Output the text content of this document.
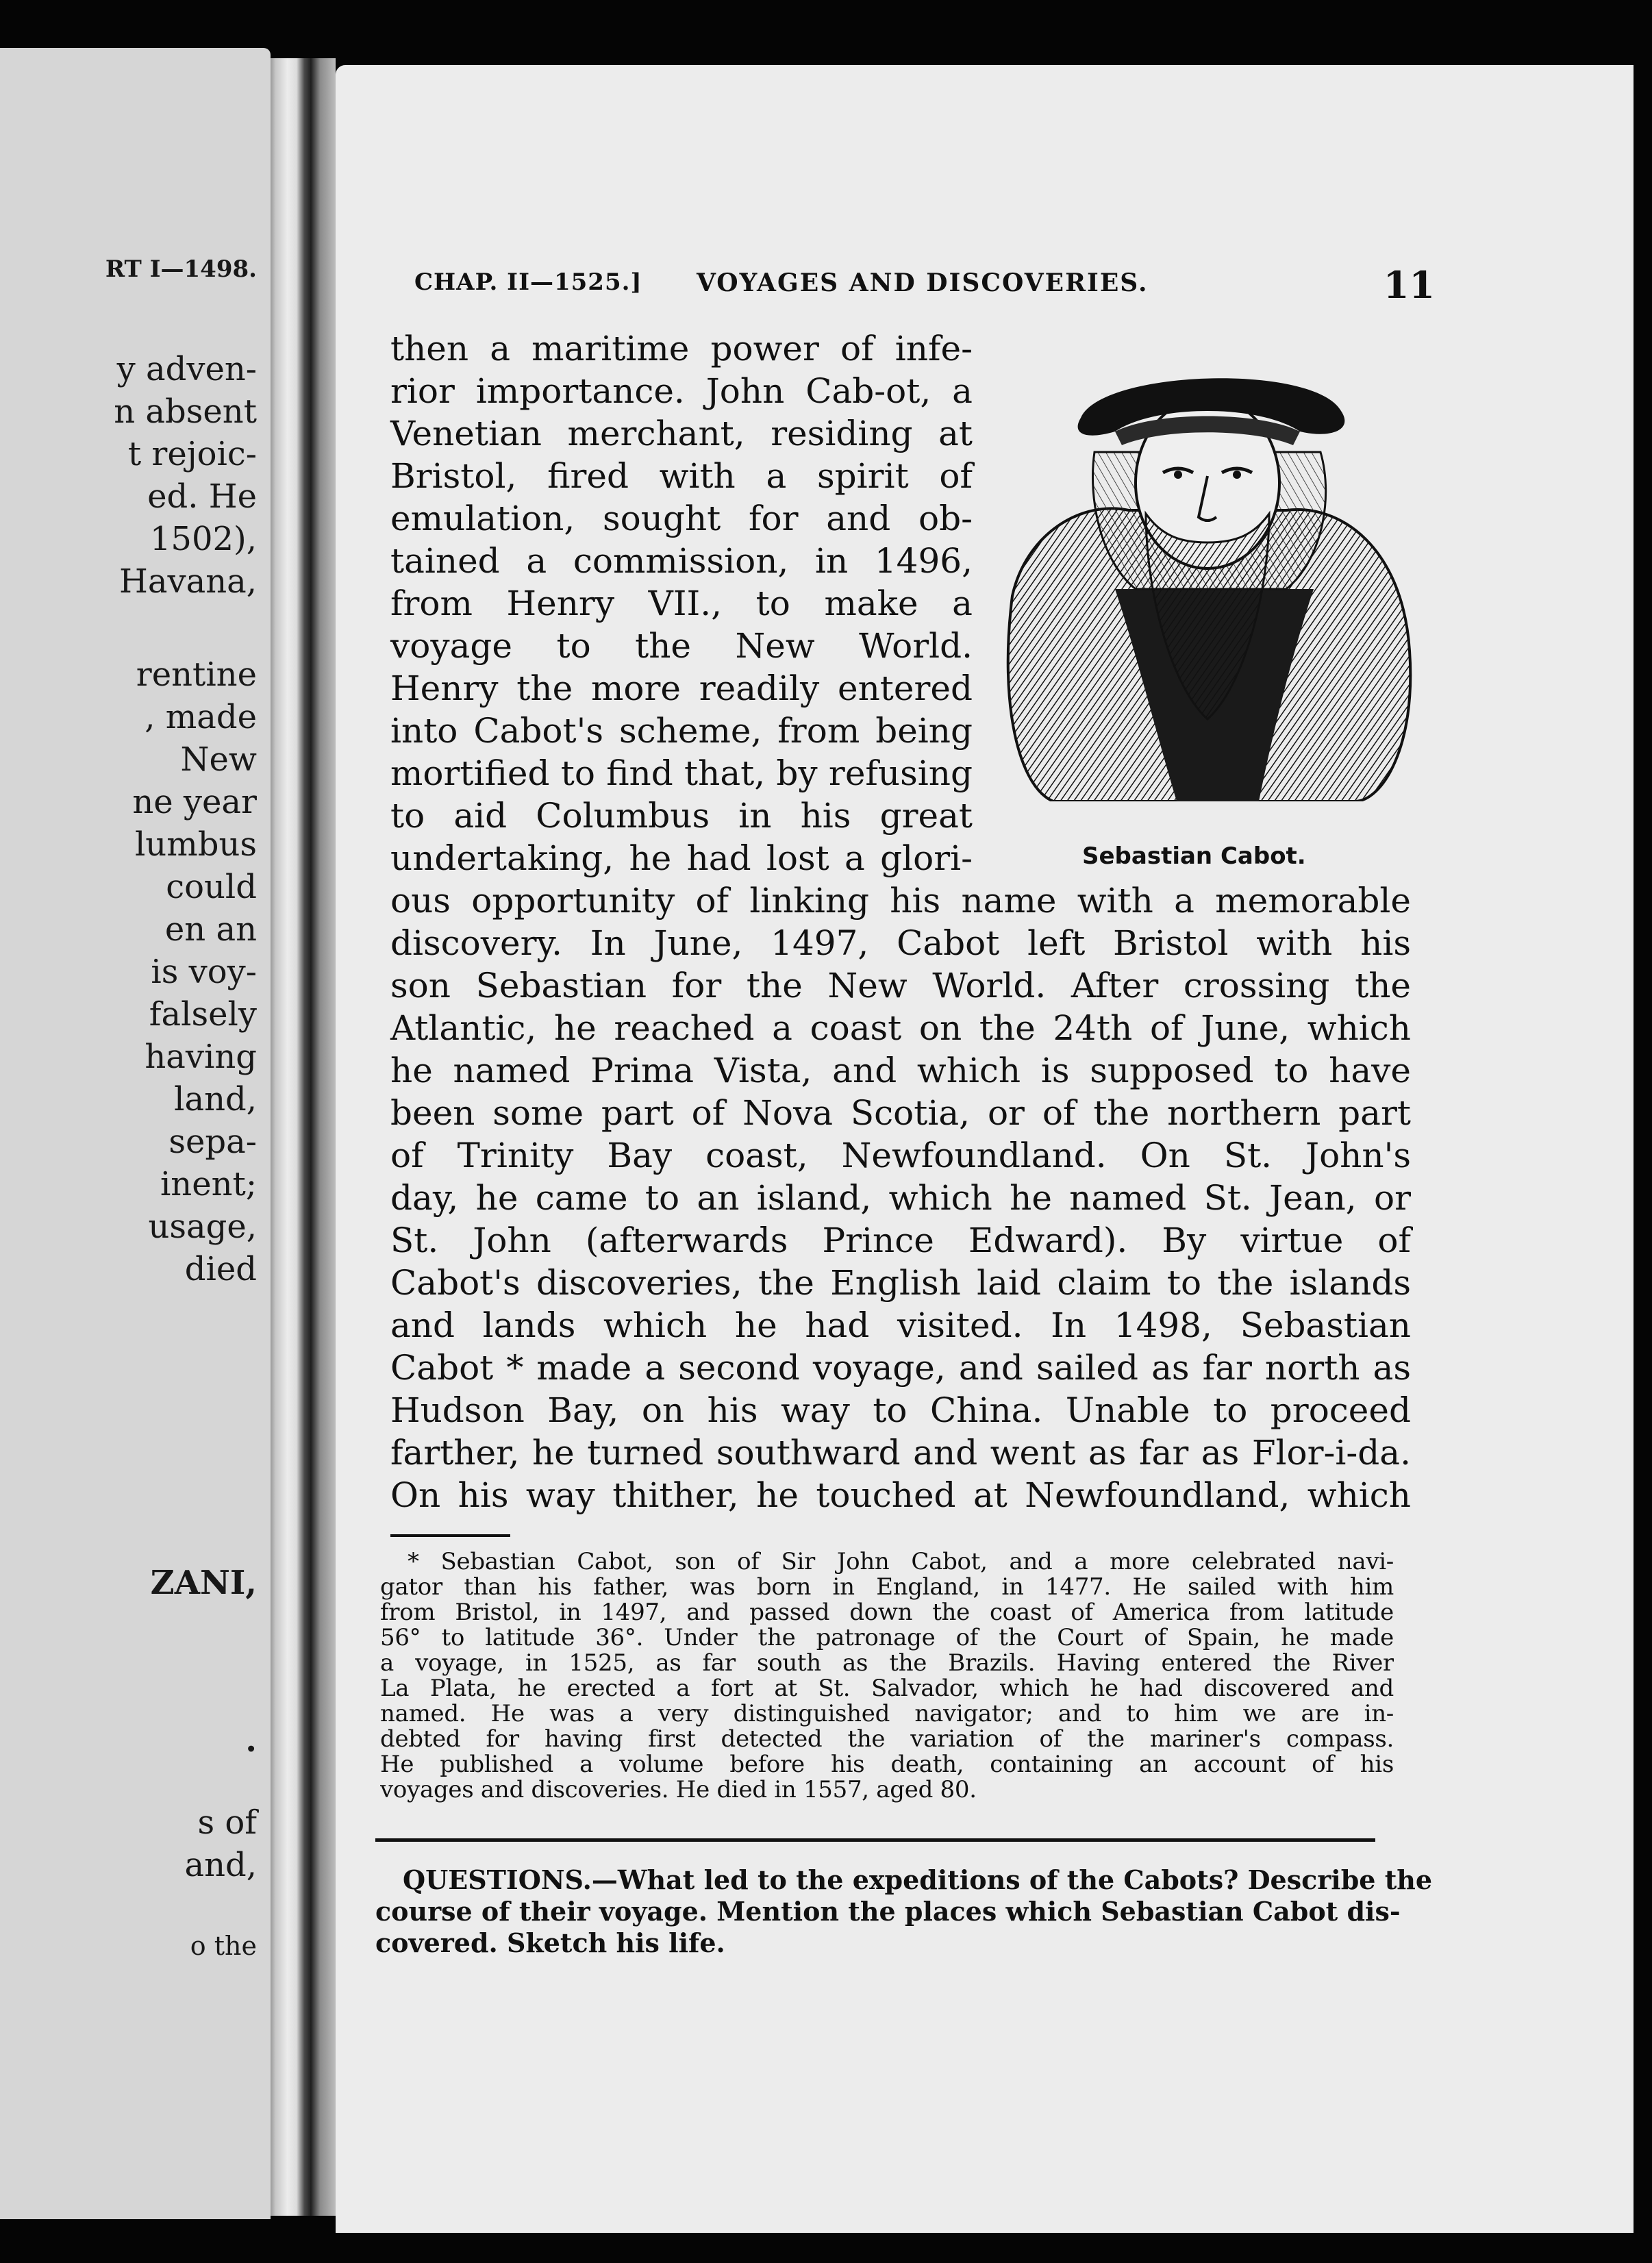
RT I—1498.
y adven-
n absent
t rejoic-
ed. He
1502),
Havana,
rentine
, made
New
ne year
lumbus
could
en an
is voy-
falsely
having
land,
sepa-
inent;
usage,
died
ZANI,
.
s of
and,
o the
CHAP. II—1525.] VOYAGES AND DISCOVERIES.	11
then a maritime power of infe-
rior importance. John Cab-ot, a
Venetian merchant, residing at
Bristol, fired with a spirit of
emulation, sought for and ob-
tained a commission, in 1496,
from Henry VII., to make a
voyage to the New World.
Henry the more readily entered
into Cabot's scheme, from being
mortified to find that, by refusing
to aid Columbus in his great
undertaking, he had lost a glori-
ous opportunity of linking his name with a memorable
discovery. In June, 1497, Cabot left Bristol with his
son Sebastian for the New World. After crossing the
Atlantic, he reached a coast on the 24th of June, which
he named Prima Vista, and which is supposed to have
been some part of Nova Scotia, or of the northern part
of Trinity Bay coast, Newfoundland. On St. John's
day, he came to an island, which he named St. Jean, or
St. John (afterwards Prince Edward). By virtue of
Cabot's discoveries, the English laid claim to the islands
and lands which he had visited. In 1498, Sebastian
Cabot * made a second voyage, and sailed as far north as
Hudson Bay, on his way to China. Unable to proceed
farther, he turned southward and went as far as Flor-i-da.
On his way thither, he touched at Newfoundland, which
Sebastian Cabot.
* Sebastian Cabot, son of Sir John Cabot, and a more celebrated navi-
gator than his father, was born in England, in 1477. He sailed with him
from Bristol, in 1497, and passed down the coast of America from latitude
56° to latitude 36°. Under the patronage of the Court of Spain, he made
a voyage, in 1525, as far south as the Brazils. Having entered the River
La Plata, he erected a fort at St. Salvador, which he had discovered and
named. He was a very distinguished navigator; and to him we are in-
debted for having first detected the variation of the mariner's compass.
He published a volume before his death, containing an account of his
voyages and discoveries. He died in 1557, aged 80.
QUESTIONS.—What led to the expeditions of the Cabots? Describe the
course of their voyage. Mention the places which Sebastian Cabot dis-
covered. Sketch his life.
